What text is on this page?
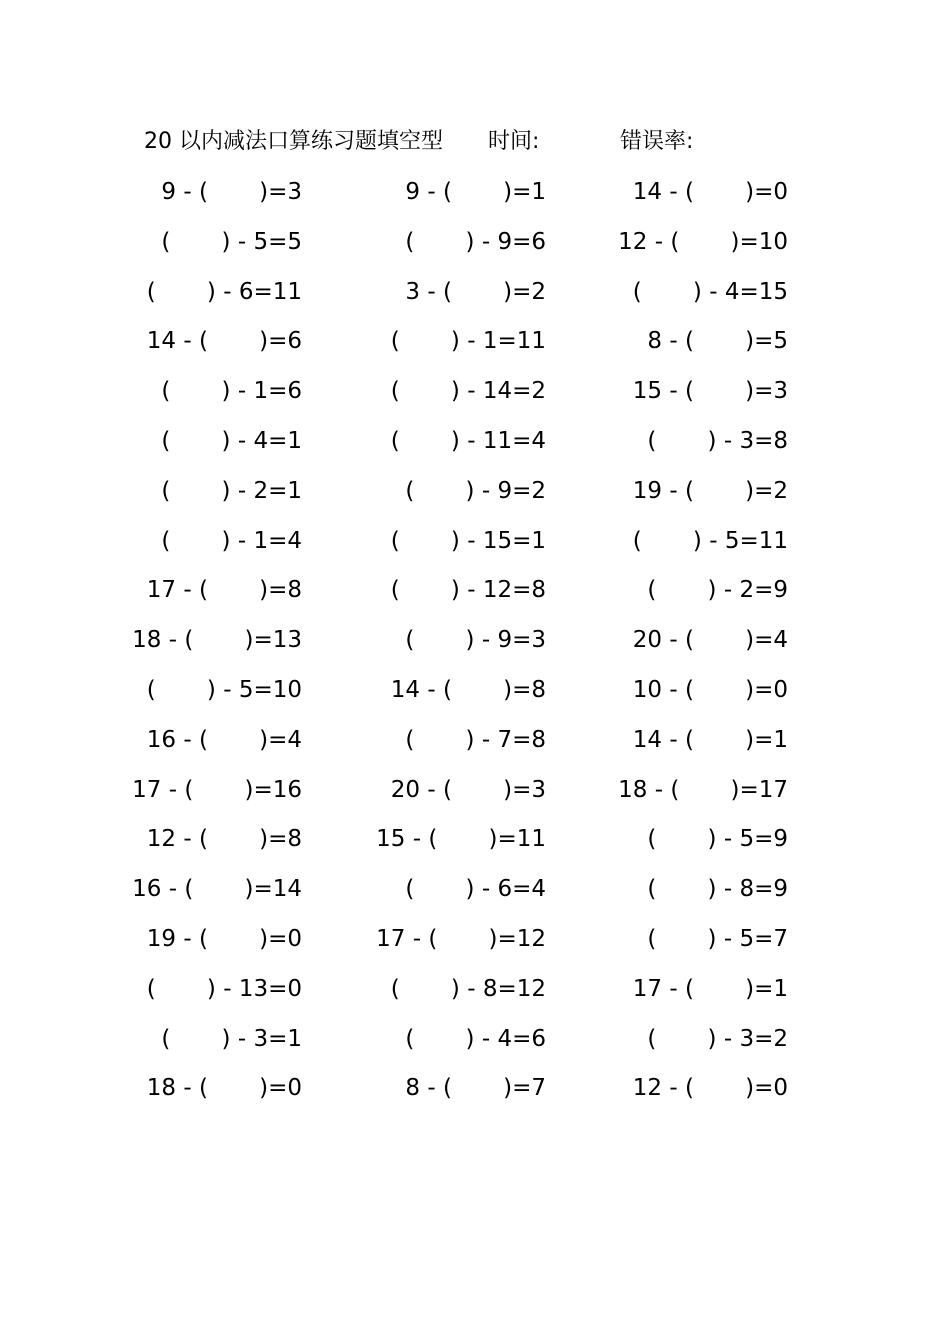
20 以内减法口算练习题填空型 时间:	错误率:
9 - (       )=3	9 - (       )=1	14 - (       )=0
(       ) - 5=5	(       ) - 9=6	12 - (       )=10
(       ) - 6=11	3 - (       )=2	(       ) - 4=15
14 - (       )=6	(       ) - 1=11	8 - (       )=5
(       ) - 1=6	(       ) - 14=2	15 - (       )=3
(       ) - 4=1	(       ) - 11=4	(       ) - 3=8
(       ) - 2=1	(       ) - 9=2	19 - (       )=2
(       ) - 1=4	(       ) - 15=1	(       ) - 5=11
17 - (       )=8	(       ) - 12=8	(       ) - 2=9
18 - (       )=13	(       ) - 9=3	20 - (       )=4
(       ) - 5=10	14 - (       )=8	10 - (       )=0
16 - (       )=4	(       ) - 7=8	14 - (       )=1
17 - (       )=16	20 - (       )=3	18 - (       )=17
12 - (       )=8	15 - (       )=11	(       ) - 5=9
16 - (       )=14	(       ) - 6=4	(       ) - 8=9
19 - (       )=0	17 - (       )=12	(       ) - 5=7
(       ) - 13=0	(       ) - 8=12	17 - (       )=1
(       ) - 3=1	(       ) - 4=6	(       ) - 3=2
18 - (       )=0	8 - (       )=7	12 - (       )=0
